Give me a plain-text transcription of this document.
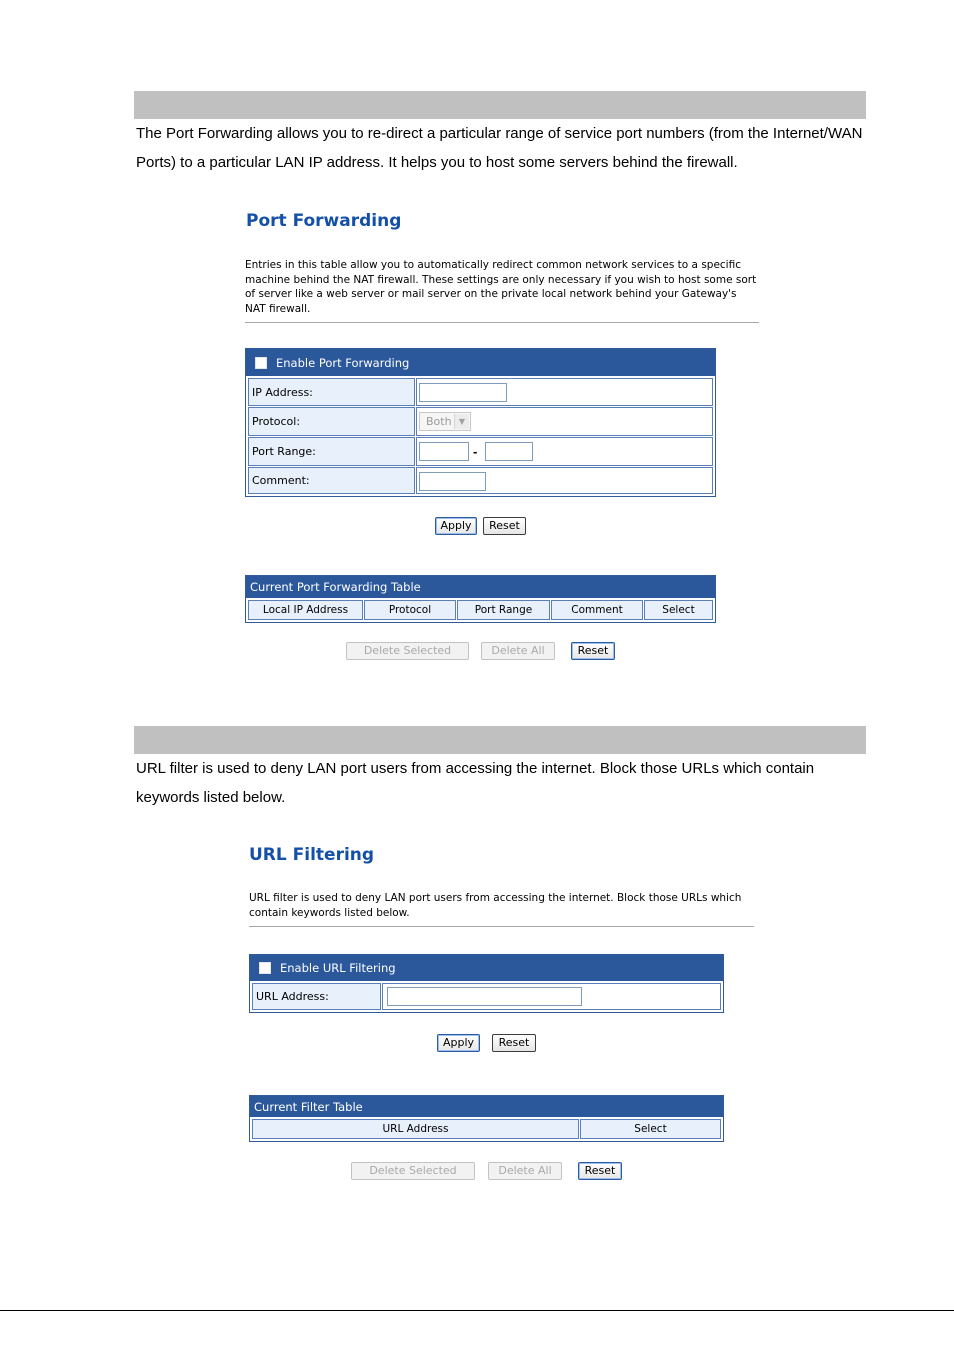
The Port Forwarding allows you to re-direct a particular range of service port numbers (from the Internet/WAN Ports) to a particular LAN IP address. It helps you to host some servers behind the firewall.

Port Forwarding

Entries in this table allow you to automatically redirect common network services to a specific machine behind the NAT firewall. These settings are only necessary if you wish to host some sort of server like a web server or mail server on the private local network behind your Gateway's NAT firewall.

Enable Port Forwarding
IP Address:
Protocol:	Both ▼
Port Range:	-
Comment:
Apply	Reset
Current Port Forwarding Table
Local IP Address	Protocol	Port Range	Comment	Select
Delete Selected	Delete All	Reset

URL filter is used to deny LAN port users from accessing the internet. Block those URLs which contain keywords listed below.

URL Filtering

URL filter is used to deny LAN port users from accessing the internet. Block those URLs which contain keywords listed below.

Enable URL Filtering
URL Address:
Apply	Reset
Current Filter Table
URL Address	Select
Delete Selected	Delete All	Reset
